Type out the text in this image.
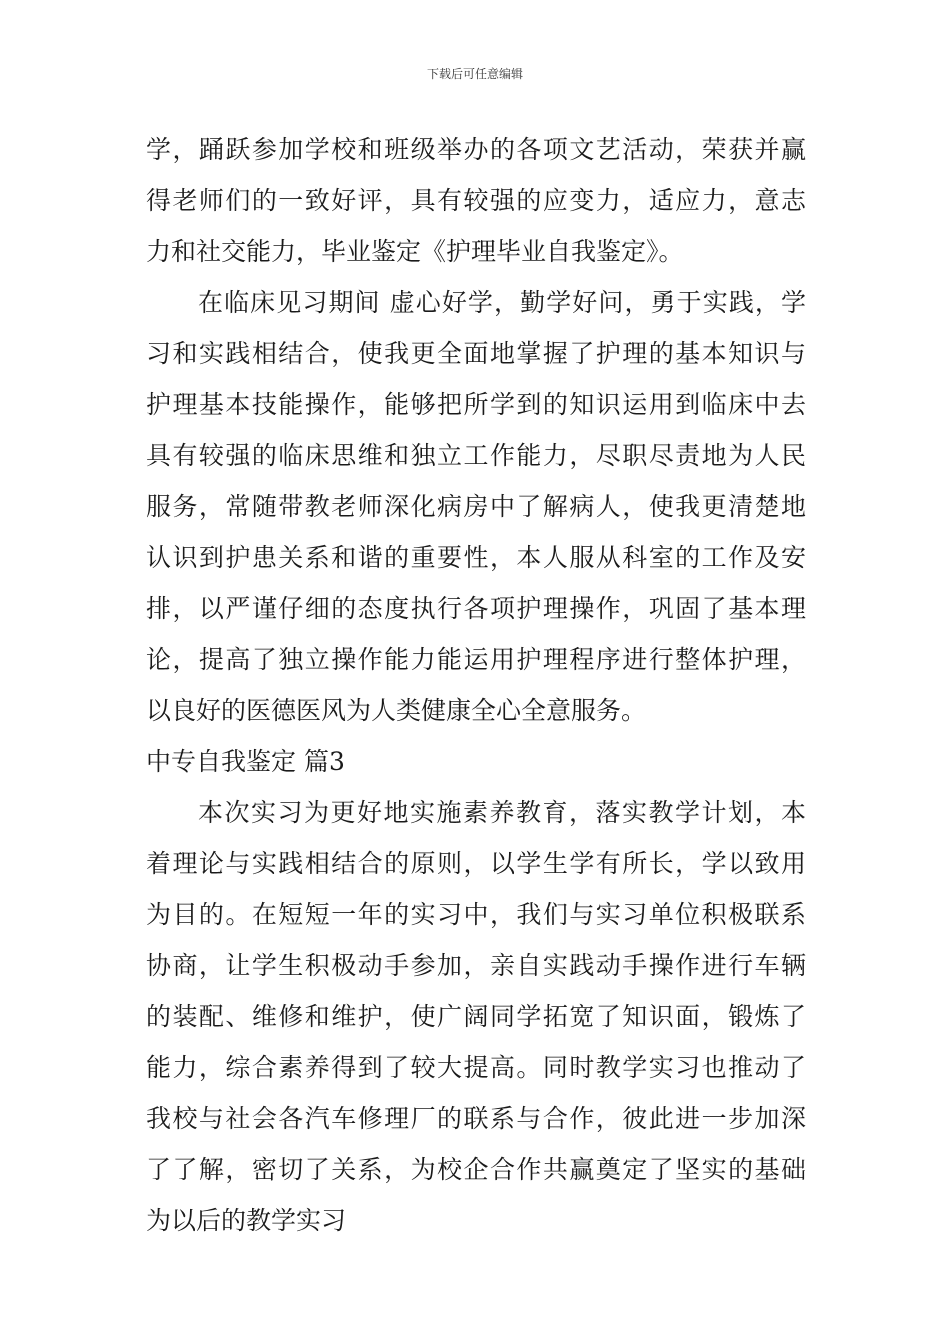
下载后可任意编辑
学，踊跃参加学校和班级举办的各项文艺活动，荣获并赢
得老师们的一致好评，具有较强的应变力，适应力，意志
力和社交能力，毕业鉴定《护理毕业自我鉴定》。
在临床见习期间 虚心好学，勤学好问，勇于实践，学
习和实践相结合，使我更全面地掌握了护理的基本知识与
护理基本技能操作，能够把所学到的知识运用到临床中去
具有较强的临床思维和独立工作能力，尽职尽责地为人民
服务，常随带教老师深化病房中了解病人，使我更清楚地
认识到护患关系和谐的重要性，本人服从科室的工作及安
排，以严谨仔细的态度执行各项护理操作，巩固了基本理
论，提高了独立操作能力能运用护理程序进行整体护理，
以良好的医德医风为人类健康全心全意服务。
中专自我鉴定 篇3
本次实习为更好地实施素养教育，落实教学计划，本
着理论与实践相结合的原则，以学生学有所长，学以致用
为目的。在短短一年的实习中，我们与实习单位积极联系
协商，让学生积极动手参加，亲自实践动手操作进行车辆
的装配、维修和维护，使广阔同学拓宽了知识面，锻炼了
能力，综合素养得到了较大提高。同时教学实习也推动了
我校与社会各汽车修理厂的联系与合作，彼此进一步加深
了了解，密切了关系，为校企合作共赢奠定了坚实的基础
为以后的教学实习
